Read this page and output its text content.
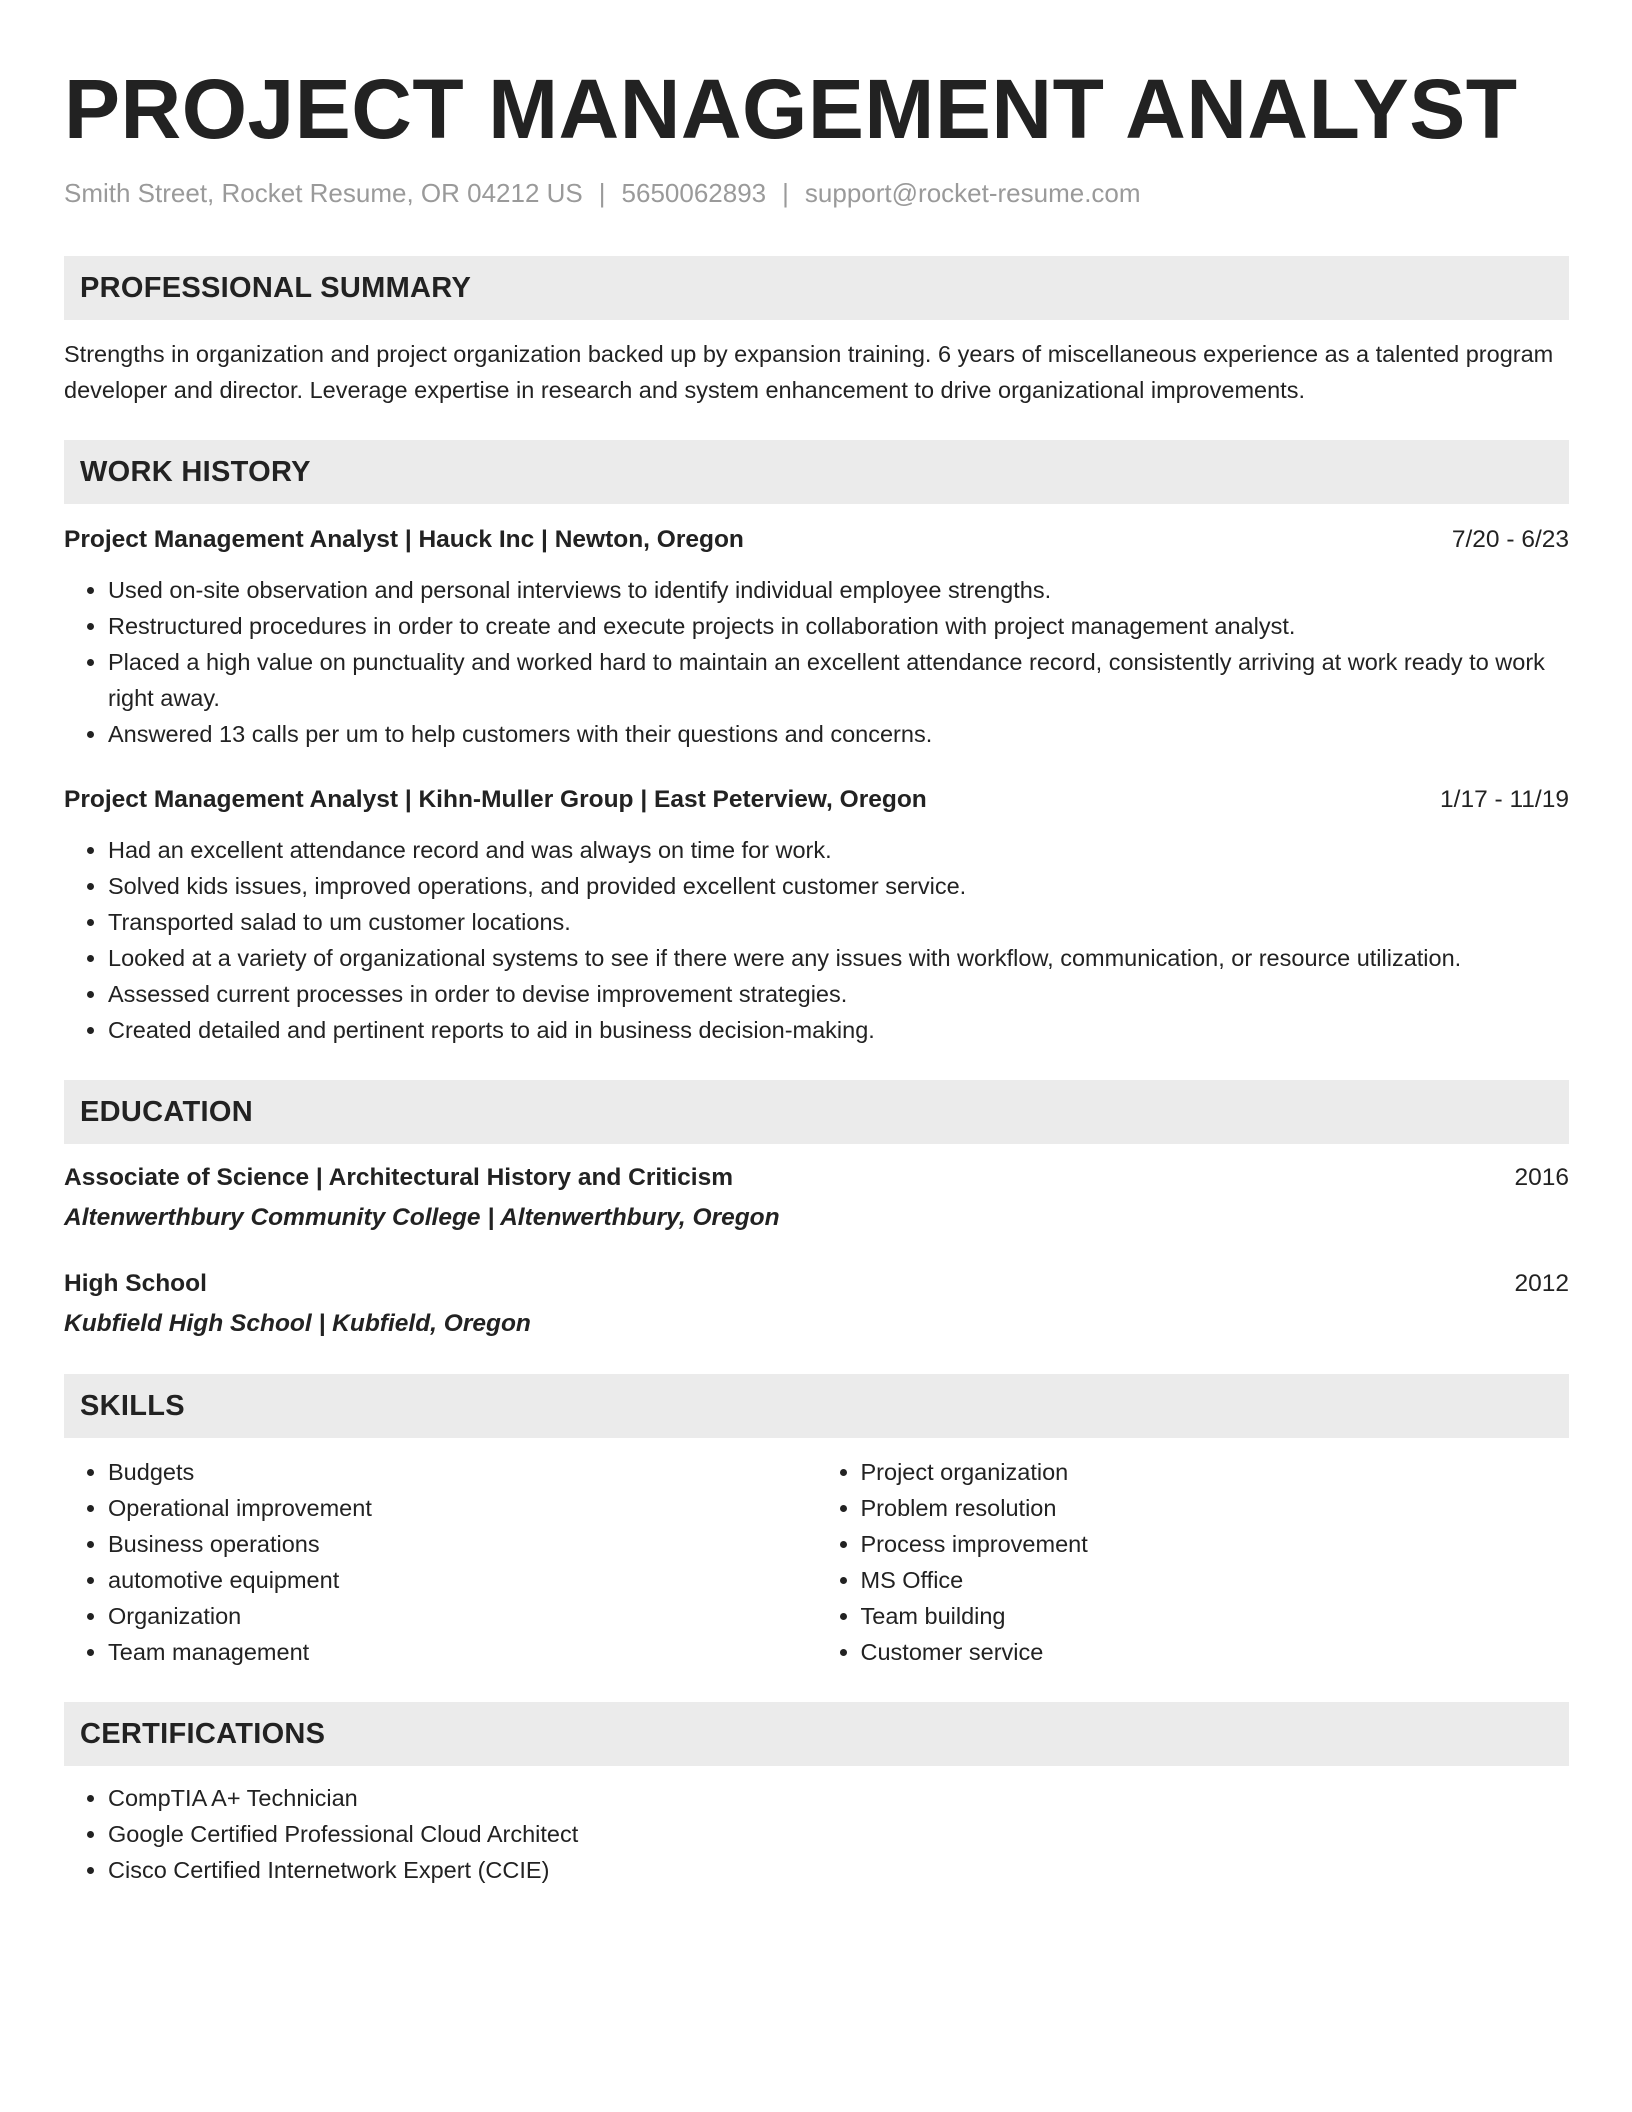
PROJECT MANAGEMENT ANALYST
Smith Street, Rocket Resume, OR 04212 US | 5650062893 | support@rocket-resume.com
PROFESSIONAL SUMMARY

Strengths in organization and project organization backed up by expansion training. 6 years of miscellaneous experience as a talented program developer and director. Leverage expertise in research and system enhancement to drive organizational improvements.

WORK HISTORY
Project Management Analyst | Hauck Inc | Newton, Oregon	7/20 - 6/23
• Used on-site observation and personal interviews to identify individual employee strengths.
• Restructured procedures in order to create and execute projects in collaboration with project management analyst.
• Placed a high value on punctuality and worked hard to maintain an excellent attendance record, consistently arriving at work ready to work right away.
• Answered 13 calls per um to help customers with their questions and concerns.
Project Management Analyst | Kihn-Muller Group | East Peterview, Oregon	1/17 - 11/19
• Had an excellent attendance record and was always on time for work.
• Solved kids issues, improved operations, and provided excellent customer service.
• Transported salad to um customer locations.
• Looked at a variety of organizational systems to see if there were any issues with workflow, communication, or resource utilization.
• Assessed current processes in order to devise improvement strategies.
• Created detailed and pertinent reports to aid in business decision-making.
EDUCATION
Associate of Science | Architectural History and Criticism	2016
Altenwerthbury Community College | Altenwerthbury, Oregon
High School	2012
Kubfield High School | Kubfield, Oregon
SKILLS
• Budgets
• Operational improvement
• Business operations
• automotive equipment
• Organization
• Team management
• Project organization
• Problem resolution
• Process improvement
• MS Office
• Team building
• Customer service
CERTIFICATIONS
• CompTIA A+ Technician
• Google Certified Professional Cloud Architect
• Cisco Certified Internetwork Expert (CCIE)
